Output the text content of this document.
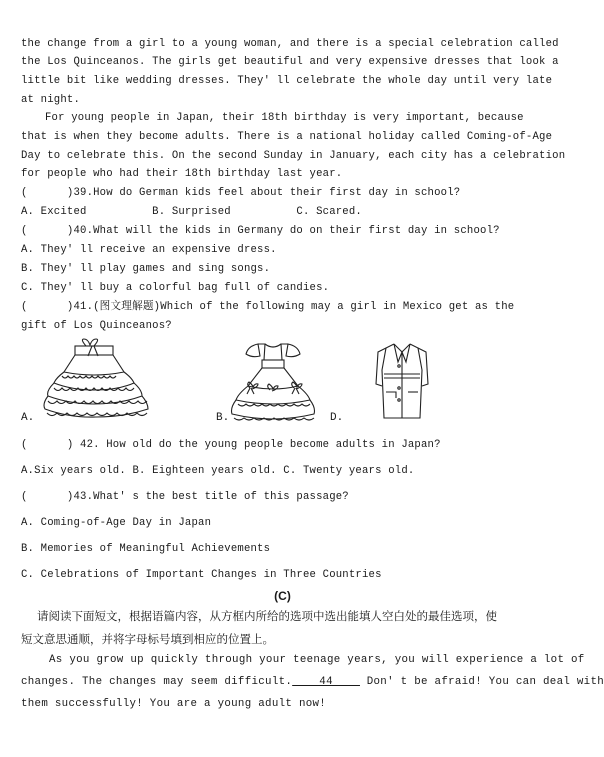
the change from a girl to a young woman, and there is a special celebration called
the Los Quinceanos. The girls get beautiful and very expensive dresses that look a
little bit like wedding dresses. They' ll celebrate the whole day until very late
at night.
For young people in Japan, their 18th birthday is very important, because
that is when they become adults. There is a national holiday called Coming-of-Age
Day to celebrate this. On the second Sunday in January, each city has a celebration
for people who had their 18th birthday last year.
(      )39.How do German kids feel about their first day in school?
A. Excited          B. Surprised          C. Scared.
(      )40.What will the kids in Germany do on their first day in school?
A. They' ll receive an expensive dress.
B. They' ll play games and sing songs.
C. They' ll buy a colorful bag full of candies.
(      )41.(图文理解题)Which of the following may a girl in Mexico get as the
gift of Los Quinceanos?
A.	B.	D.
(      ) 42. How old do the young people become adults in Japan?
A.Six years old. B. Eighteen years old. C. Twenty years old.
(      )43.What' s the best title of this passage?
A. Coming-of-Age Day in Japan
B. Memories of Meaningful Achievements
C. Celebrations of Important Changes in Three Countries
(C)
请阅读下面短文，根据语篇内容，从方框内所给的选项中选出能填人空白处的最佳选项，使
短文意思通顺，并将字母标号填到相应的位置上。
As you grow up quickly through your teenage years, you will experience a lot of
changes. The changes may seem difficult.    44     Don' t be afraid! You can deal with
them successfully! You are a young adult now!
